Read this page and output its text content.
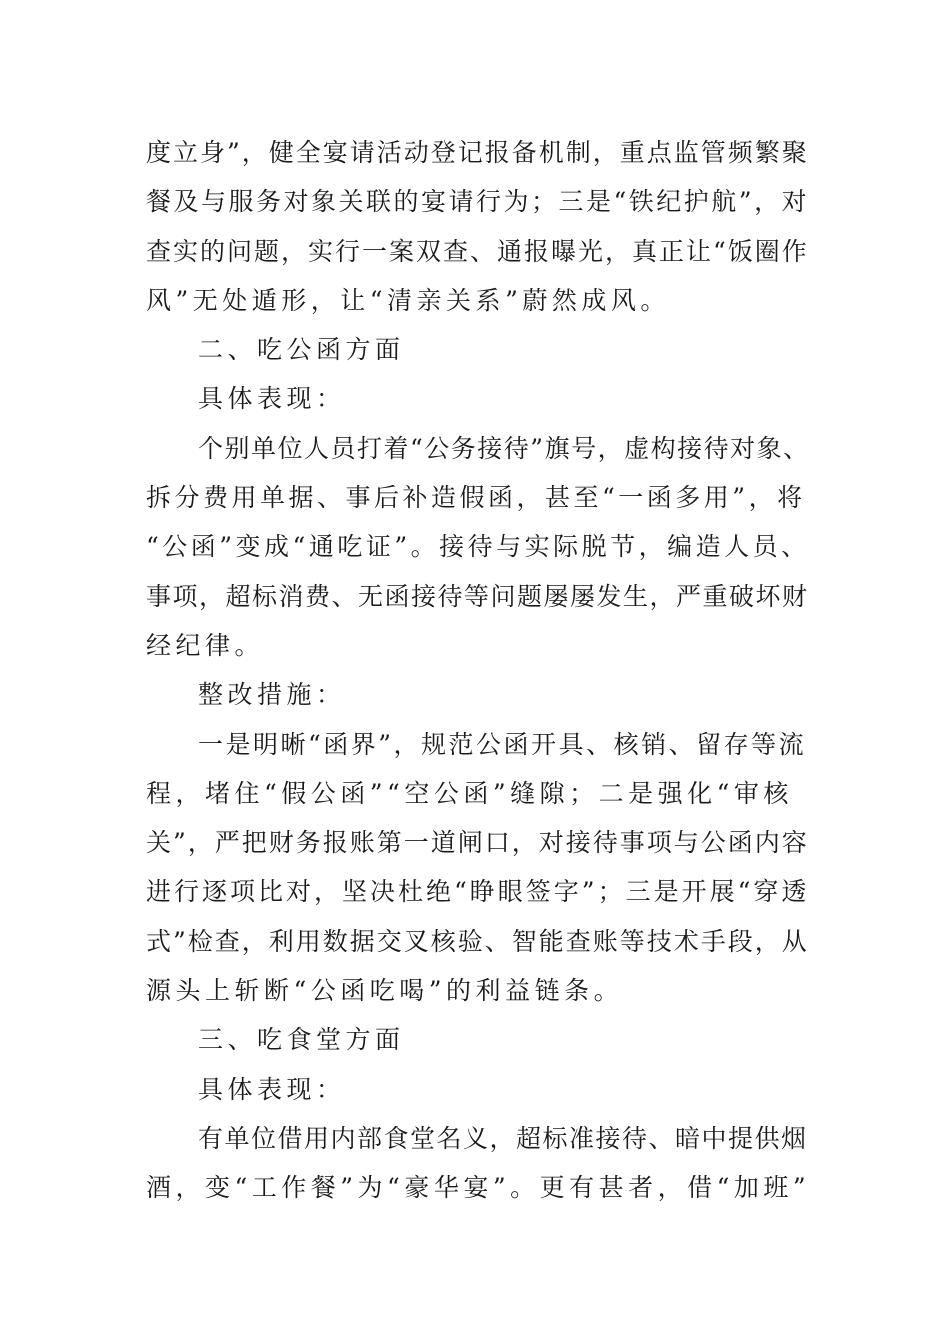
度立身”，健全宴请活动登记报备机制，重点监管频繁聚
餐及与服务对象关联的宴请行为；三是“铁纪护航”，对
查实的问题，实行一案双查、通报曝光，真正让“饭圈作
风”无处遁形，让“清亲关系”蔚然成风。
二、吃公函方面
具体表现：
个别单位人员打着“公务接待”旗号，虚构接待对象、
拆分费用单据、事后补造假函，甚至“一函多用”，将
“公函”变成“通吃证”。接待与实际脱节，编造人员、
事项，超标消费、无函接待等问题屡屡发生，严重破坏财
经纪律。
整改措施：
一是明晰“函界”，规范公函开具、核销、留存等流
程，堵住“假公函”“空公函”缝隙；二是强化“审核
关”，严把财务报账第一道闸口，对接待事项与公函内容
进行逐项比对，坚决杜绝“睁眼签字”；三是开展“穿透
式”检查，利用数据交叉核验、智能查账等技术手段，从
源头上斩断“公函吃喝”的利益链条。
三、吃食堂方面
具体表现：
有单位借用内部食堂名义，超标准接待、暗中提供烟
酒，变“工作餐”为“豪华宴”。更有甚者，借“加班”
